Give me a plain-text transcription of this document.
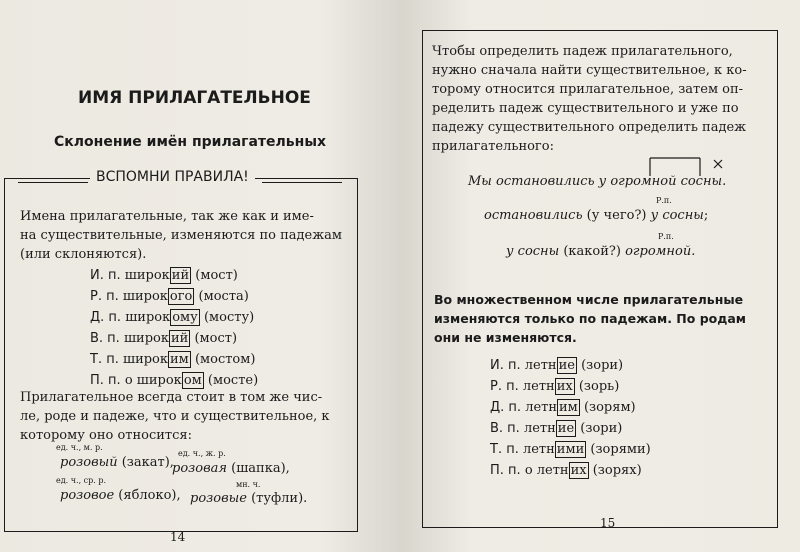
ИМЯ ПРИЛАГАТЕЛЬНОЕ
Склонение имён прилагательных
ВСПОМНИ ПРАВИЛА!
Имена прилагательные, так же как и име-
на существительные, изменяются по падежам
(или склоняются).
И. п. широк ий (мост)
Р. п. широк ого (моста)
Д. п. широк ому (мосту)
В. п. широк ий (мост)
Т. п. широк им (мостом)
П. п. о широк ом (мосте)
Прилагательное всегда стоит в том же чис-
ле, роде и падеже, что и существительное, к
которому оно относится:
ед. ч., м. р.
розовый (закат),
ед. ч., ж. р.
розовая (шапка),
ед. ч., ср. р.
розовое (яблоко),
мн. ч.
розовые (туфли).
14
Чтобы определить падеж прилагательного,
нужно сначала найти существительное, к ко-
торому относится прилагательное, затем оп-
ределить падеж существительного и уже по
падежу существительного определить падеж
прилагательного:
Мы остановились у огромной сосны.
Р.п.
остановились (у чего?) у сосны;
Р.п.
у сосны (какой?) огромной.
Во множественном числе прилагательные
изменяются только по падежам. По родам
они не изменяются.
И. п. летн ие (зори)
Р. п. летн их (зорь)
Д. п. летн им (зорям)
В. п. летн ие (зори)
Т. п. летн ими (зорями)
П. п. о летн их (зорях)
15
